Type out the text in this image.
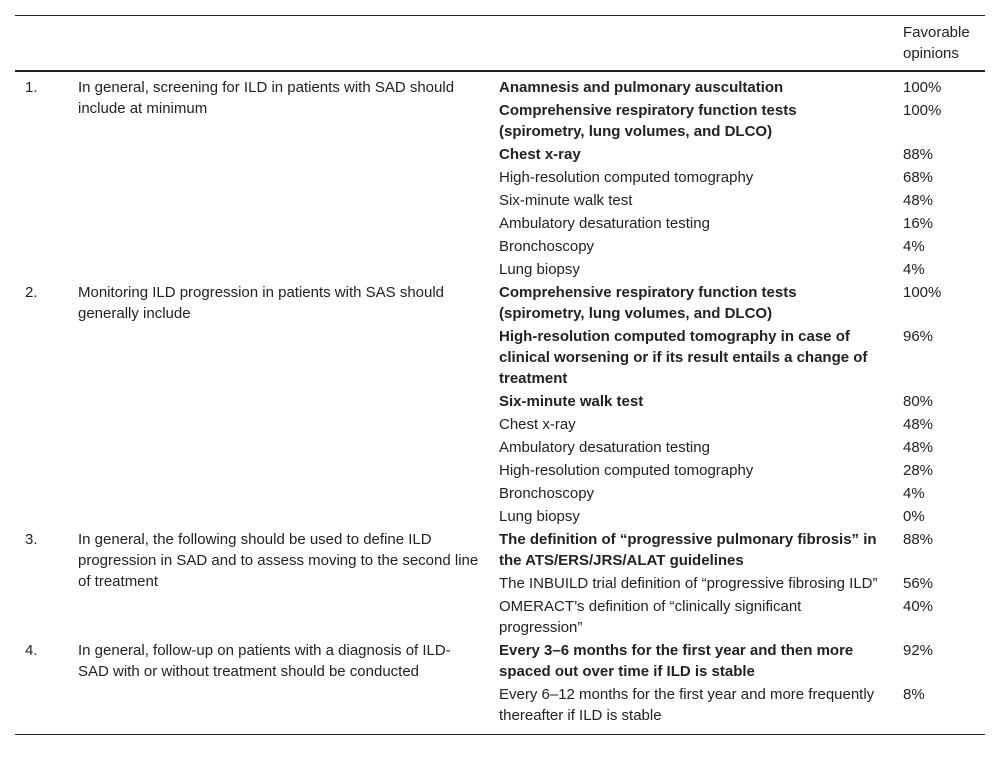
			Favorable opinions
1.	In general, screening for ILD in patients with SAD should include at minimum	Anamnesis and pulmonary auscultation	100%
		Comprehensive respiratory function tests (spirometry, lung volumes, and DLCO)	100%
		Chest x-ray	88%
		High-resolution computed tomography	68%
		Six-minute walk test	48%
		Ambulatory desaturation testing	16%
		Bronchoscopy	4%
		Lung biopsy	4%
2.	Monitoring ILD progression in patients with SAS should generally include	Comprehensive respiratory function tests (spirometry, lung volumes, and DLCO)	100%
		High-resolution computed tomography in case of clinical worsening or if its result entails a change of treatment	96%
		Six-minute walk test	80%
		Chest x-ray	48%
		Ambulatory desaturation testing	48%
		High-resolution computed tomography	28%
		Bronchoscopy	4%
		Lung biopsy	0%
3.	In general, the following should be used to define ILD progression in SAD and to assess moving to the second line of treatment	The definition of “progressive pulmonary fibrosis” in the ATS/ERS/JRS/ALAT guidelines	88%
		The INBUILD trial definition of “progressive fibrosing ILD”	56%
		OMERACT’s definition of “clinically significant progression”	40%
4.	In general, follow-up on patients with a diagnosis of ILD-SAD with or without treatment should be conducted	Every 3–6 months for the first year and then more spaced out over time if ILD is stable	92%
		Every 6–12 months for the first year and more frequently thereafter if ILD is stable	8%
